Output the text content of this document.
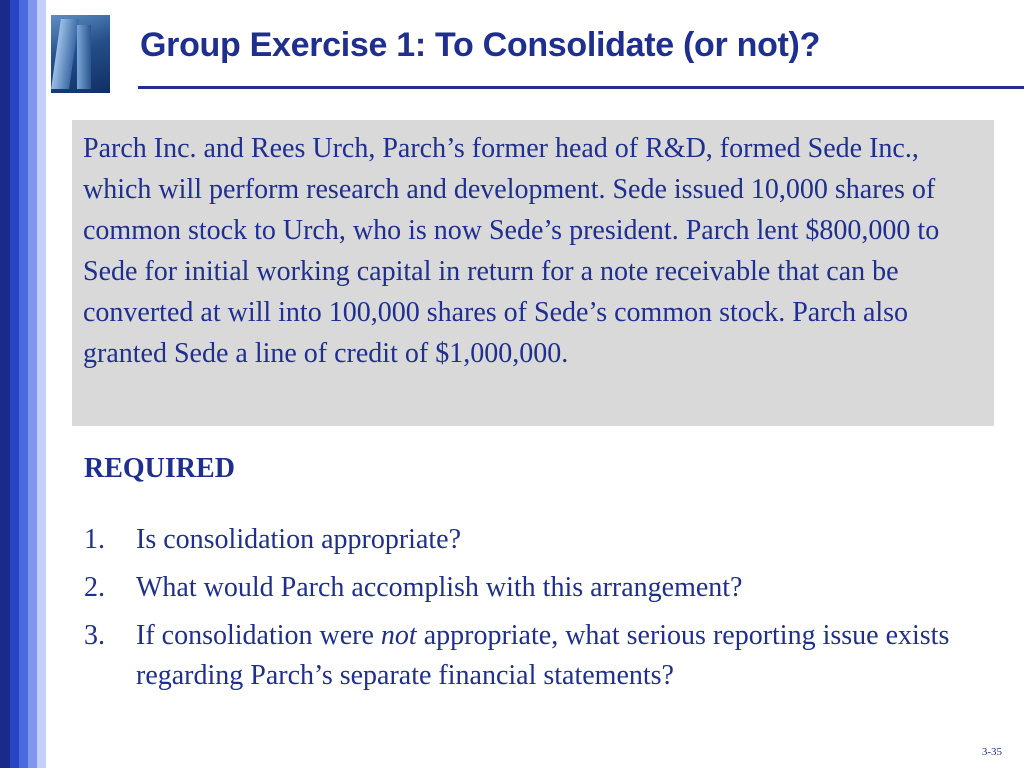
Group Exercise 1: To Consolidate (or not)?

Parch Inc. and Rees Urch, Parch’s former head of R&D, formed Sede Inc., which will perform research and development. Sede issued 10,000 shares of common stock to Urch, who is now Sede’s president. Parch lent $800,000 to Sede for initial working capital in return for a note receivable that can be converted at will into 100,000 shares of Sede’s common stock. Parch also granted Sede a line of credit of $1,000,000.

REQUIRED
1.	Is consolidation appropriate?
2.	What would Parch accomplish with this arrangement?
3.	If consolidation were not appropriate, what serious reporting issue exists regarding Parch’s separate financial statements?
3-35
